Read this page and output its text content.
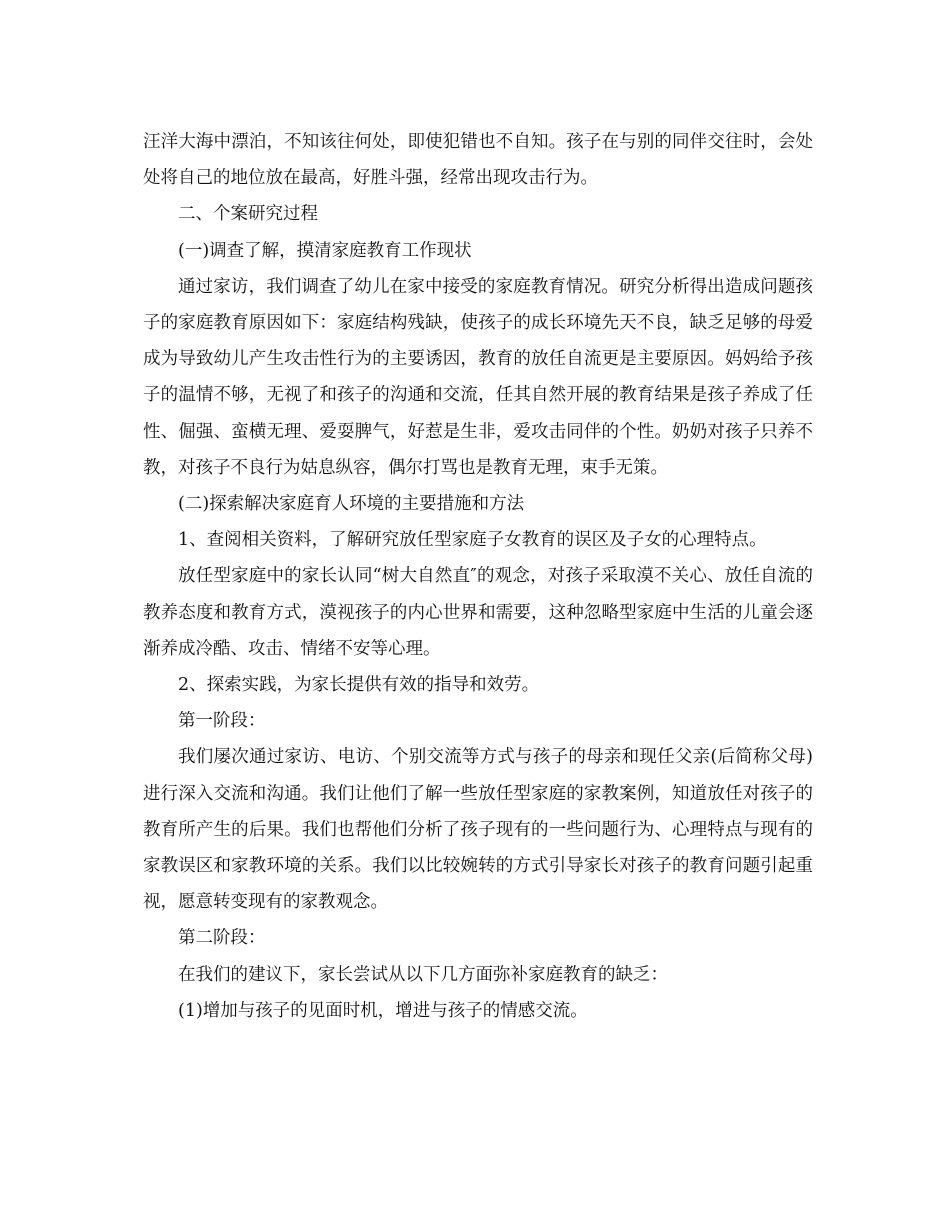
汪洋大海中漂泊，不知该往何处，即使犯错也不自知。孩子在与别的同伴交往时，会处处将自己的地位放在最高，好胜斗强，经常出现攻击行为。

二、个案研究过程

(一)调查了解，摸清家庭教育工作现状

通过家访，我们调查了幼儿在家中接受的家庭教育情况。研究分析得出造成问题孩子的家庭教育原因如下：家庭结构残缺，使孩子的成长环境先天不良，缺乏足够的母爱成为导致幼儿产生攻击性行为的主要诱因，教育的放任自流更是主要原因。妈妈给予孩子的温情不够，无视了和孩子的沟通和交流，任其自然开展的教育结果是孩子养成了任性、倔强、蛮横无理、爱耍脾气，好惹是生非，爱攻击同伴的个性。奶奶对孩子只养不教，对孩子不良行为姑息纵容，偶尔打骂也是教育无理，束手无策。

(二)探索解决家庭育人环境的主要措施和方法

1、查阅相关资料，了解研究放任型家庭子女教育的误区及子女的心理特点。

放任型家庭中的家长认同“树大自然直″的观念，对孩子采取漠不关心、放任自流的教养态度和教育方式，漠视孩子的内心世界和需要，这种忽略型家庭中生活的儿童会逐渐养成冷酷、攻击、情绪不安等心理。

2、探索实践，为家长提供有效的指导和效劳。

第一阶段：

我们屡次通过家访、电访、个别交流等方式与孩子的母亲和现任父亲(后简称父母)进行深入交流和沟通。我们让他们了解一些放任型家庭的家教案例，知道放任对孩子的教育所产生的后果。我们也帮他们分析了孩子现有的一些问题行为、心理特点与现有的家教误区和家教环境的关系。我们以比较婉转的方式引导家长对孩子的教育问题引起重视，愿意转变现有的家教观念。

第二阶段：

在我们的建议下，家长尝试从以下几方面弥补家庭教育的缺乏：

(1)增加与孩子的见面时机，增进与孩子的情感交流。
